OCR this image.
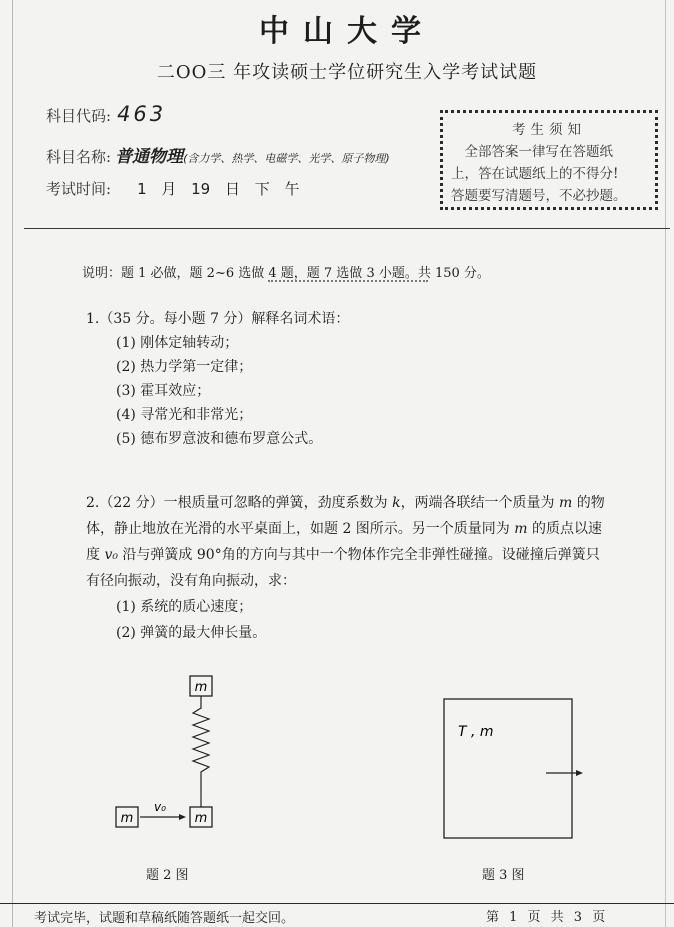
中山大学
二OO三 年攻读硕士学位研究生入学考试试题
科目代码: 463
科目名称: 普通物理(含力学、热学、电磁学、光学、原子物理)
考试时间: 1 月 19 日 下 午
考生须知
全部答案一律写在答题纸
上，答在试题纸上的不得分!
答题要写清题号，不必抄题。
说明：题 1 必做，题 2~6 选做 4 题，题 7 选做 3 小题。共 150 分。
1.（35 分。每小题 7 分）解释名词术语：
(1) 刚体定轴转动；
(2) 热力学第一定律；
(3) 霍耳效应；
(4) 寻常光和非常光；
(5) 德布罗意波和德布罗意公式。
2.（22 分）一根质量可忽略的弹簧，劲度系数为 k，两端各联结一个质量为 m 的物
体，静止地放在光滑的水平桌面上，如题 2 图所示。另一个质量同为 m 的质点以速
度 v₀ 沿与弹簧成 90°角的方向与其中一个物体作完全非弹性碰撞。设碰撞后弹簧只
有径向振动，没有角向振动，求：
(1) 系统的质心速度；
(2) 弹簧的最大伸长量。
m
m
m
v₀
题 2 图
T , m
题 3 图
考试完毕，试题和草稿纸随答题纸一起交回。	第 1 页 共 3 页
